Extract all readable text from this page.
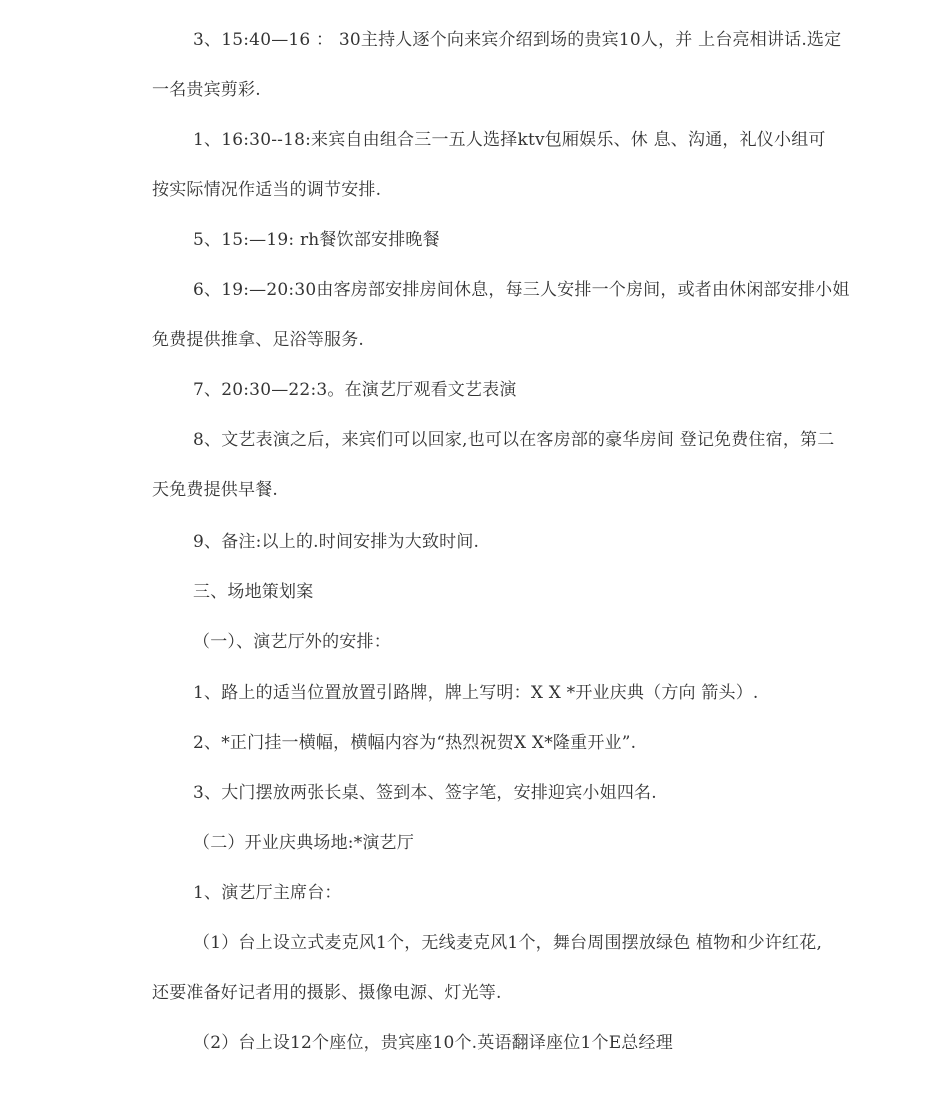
3、15:40—16 ： 30主持人逐个向来宾介绍到场的贵宾10人，并 上台亮相讲话.选定
一名贵宾剪彩.
1、16:30--18:来宾自由组合三一五人选择ktv包厢娱乐、休 息、沟通，礼仪小组可
按实际情况作适当的调节安排.
5、15:—19: rh餐饮部安排晚餐
6、19:—20:30由客房部安排房间休息，每三人安排一个房间，或者由休闲部安排小姐
免费提供推拿、足浴等服务.
7、20:30—22:3。在演艺厅观看文艺表演
8、文艺表演之后，来宾们可以回家,也可以在客房部的豪华房间 登记免费住宿，第二
天免费提供早餐.
9、备注:以上的.时间安排为大致时间.
三、场地策划案
（一）、演艺厅外的安排：
1、路上的适当位置放置引路牌，牌上写明：X X *开业庆典（方向 箭头）.
2、*正门挂一横幅，横幅内容为“热烈祝贺X X*隆重开业”.
3、大门摆放两张长桌、签到本、签字笔，安排迎宾小姐四名.
（二）开业庆典场地:*演艺厅
1、演艺厅主席台：
（1）台上设立式麦克风1个，无线麦克风1个，舞台周围摆放绿色 植物和少许红花,
还要准备好记者用的摄影、摄像电源、灯光等.
（2）台上设12个座位，贵宾座10个.英语翻译座位1个E总经理
